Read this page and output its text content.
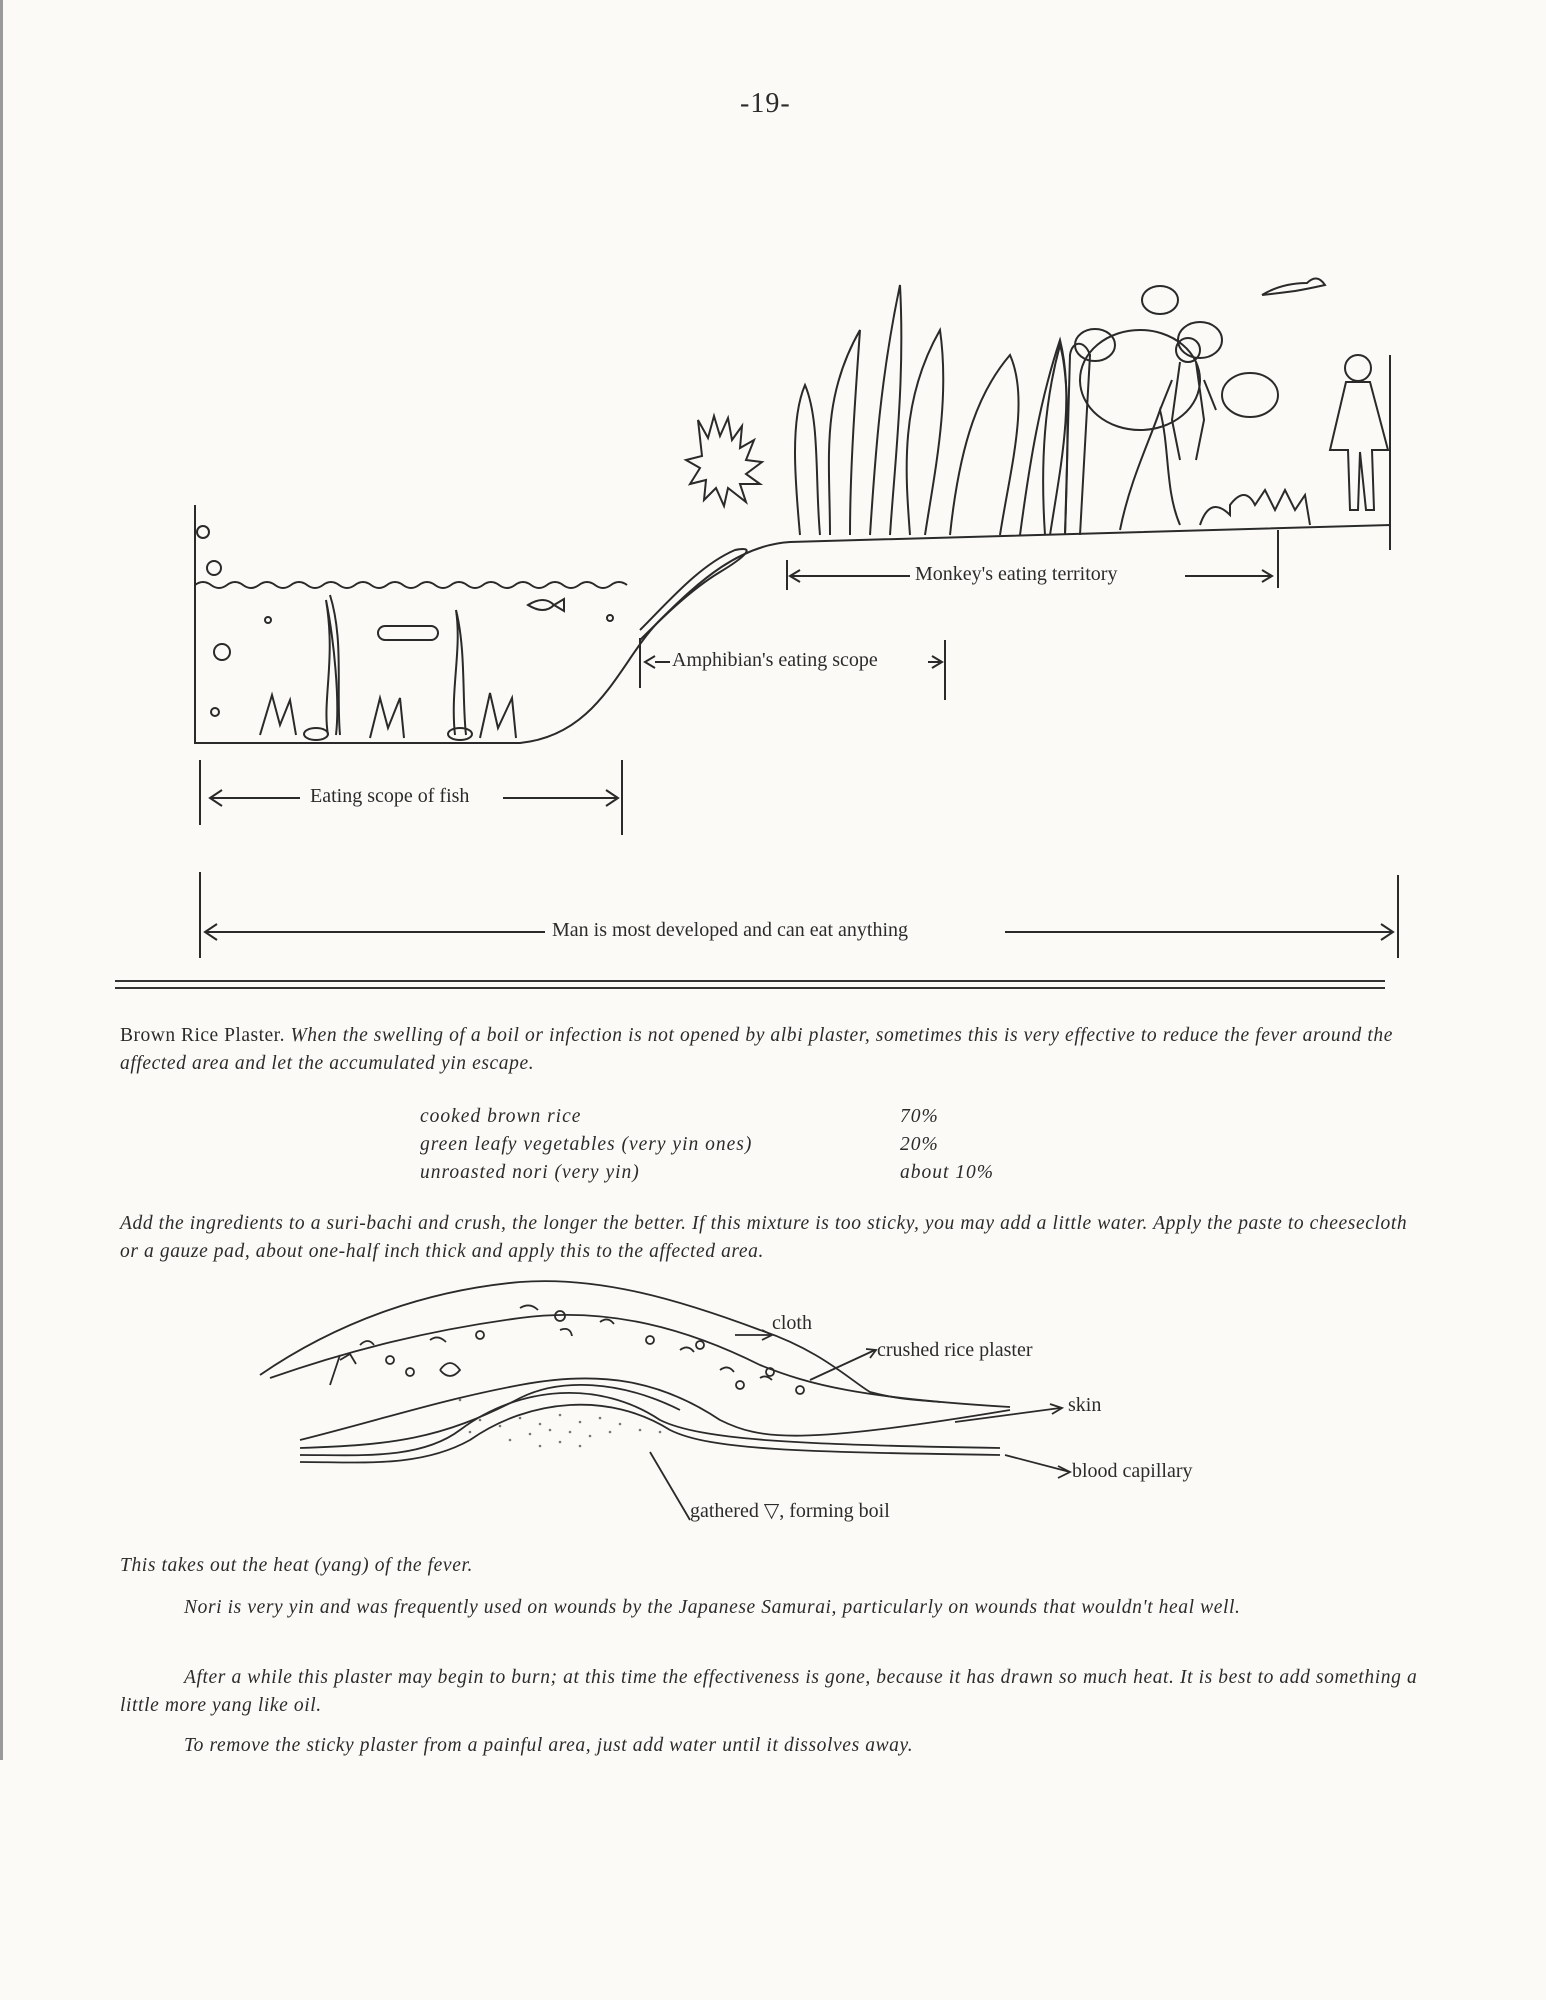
-19-
Monkey's eating territory
Amphibian's eating scope
Eating scope of fish
Man is most developed and can eat anything
Brown Rice Plaster. When the swelling of a boil or infection is not opened by albi plaster, sometimes this is very effective to reduce the fever around the affected area and let the accumulated yin escape.
cooked brown rice	70%
green leafy vegetables (very yin ones)	20%
unroasted nori (very yin)	about 10%
Add the ingredients to a suri-bachi and crush, the longer the better. If this mixture is too sticky, you may add a little water. Apply the paste to cheesecloth or a gauze pad, about one-half inch thick and apply this to the affected area.
cloth
crushed rice plaster
skin
blood capillary
gathered ▽, forming boil
This takes out the heat (yang) of the fever.
Nori is very yin and was frequently used on wounds by the Japanese Samurai, particularly on wounds that wouldn't heal well.
After a while this plaster may begin to burn; at this time the effectiveness is gone, because it has drawn so much heat. It is best to add something a little more yang like oil.
To remove the sticky plaster from a painful area, just add water until it dissolves away.
